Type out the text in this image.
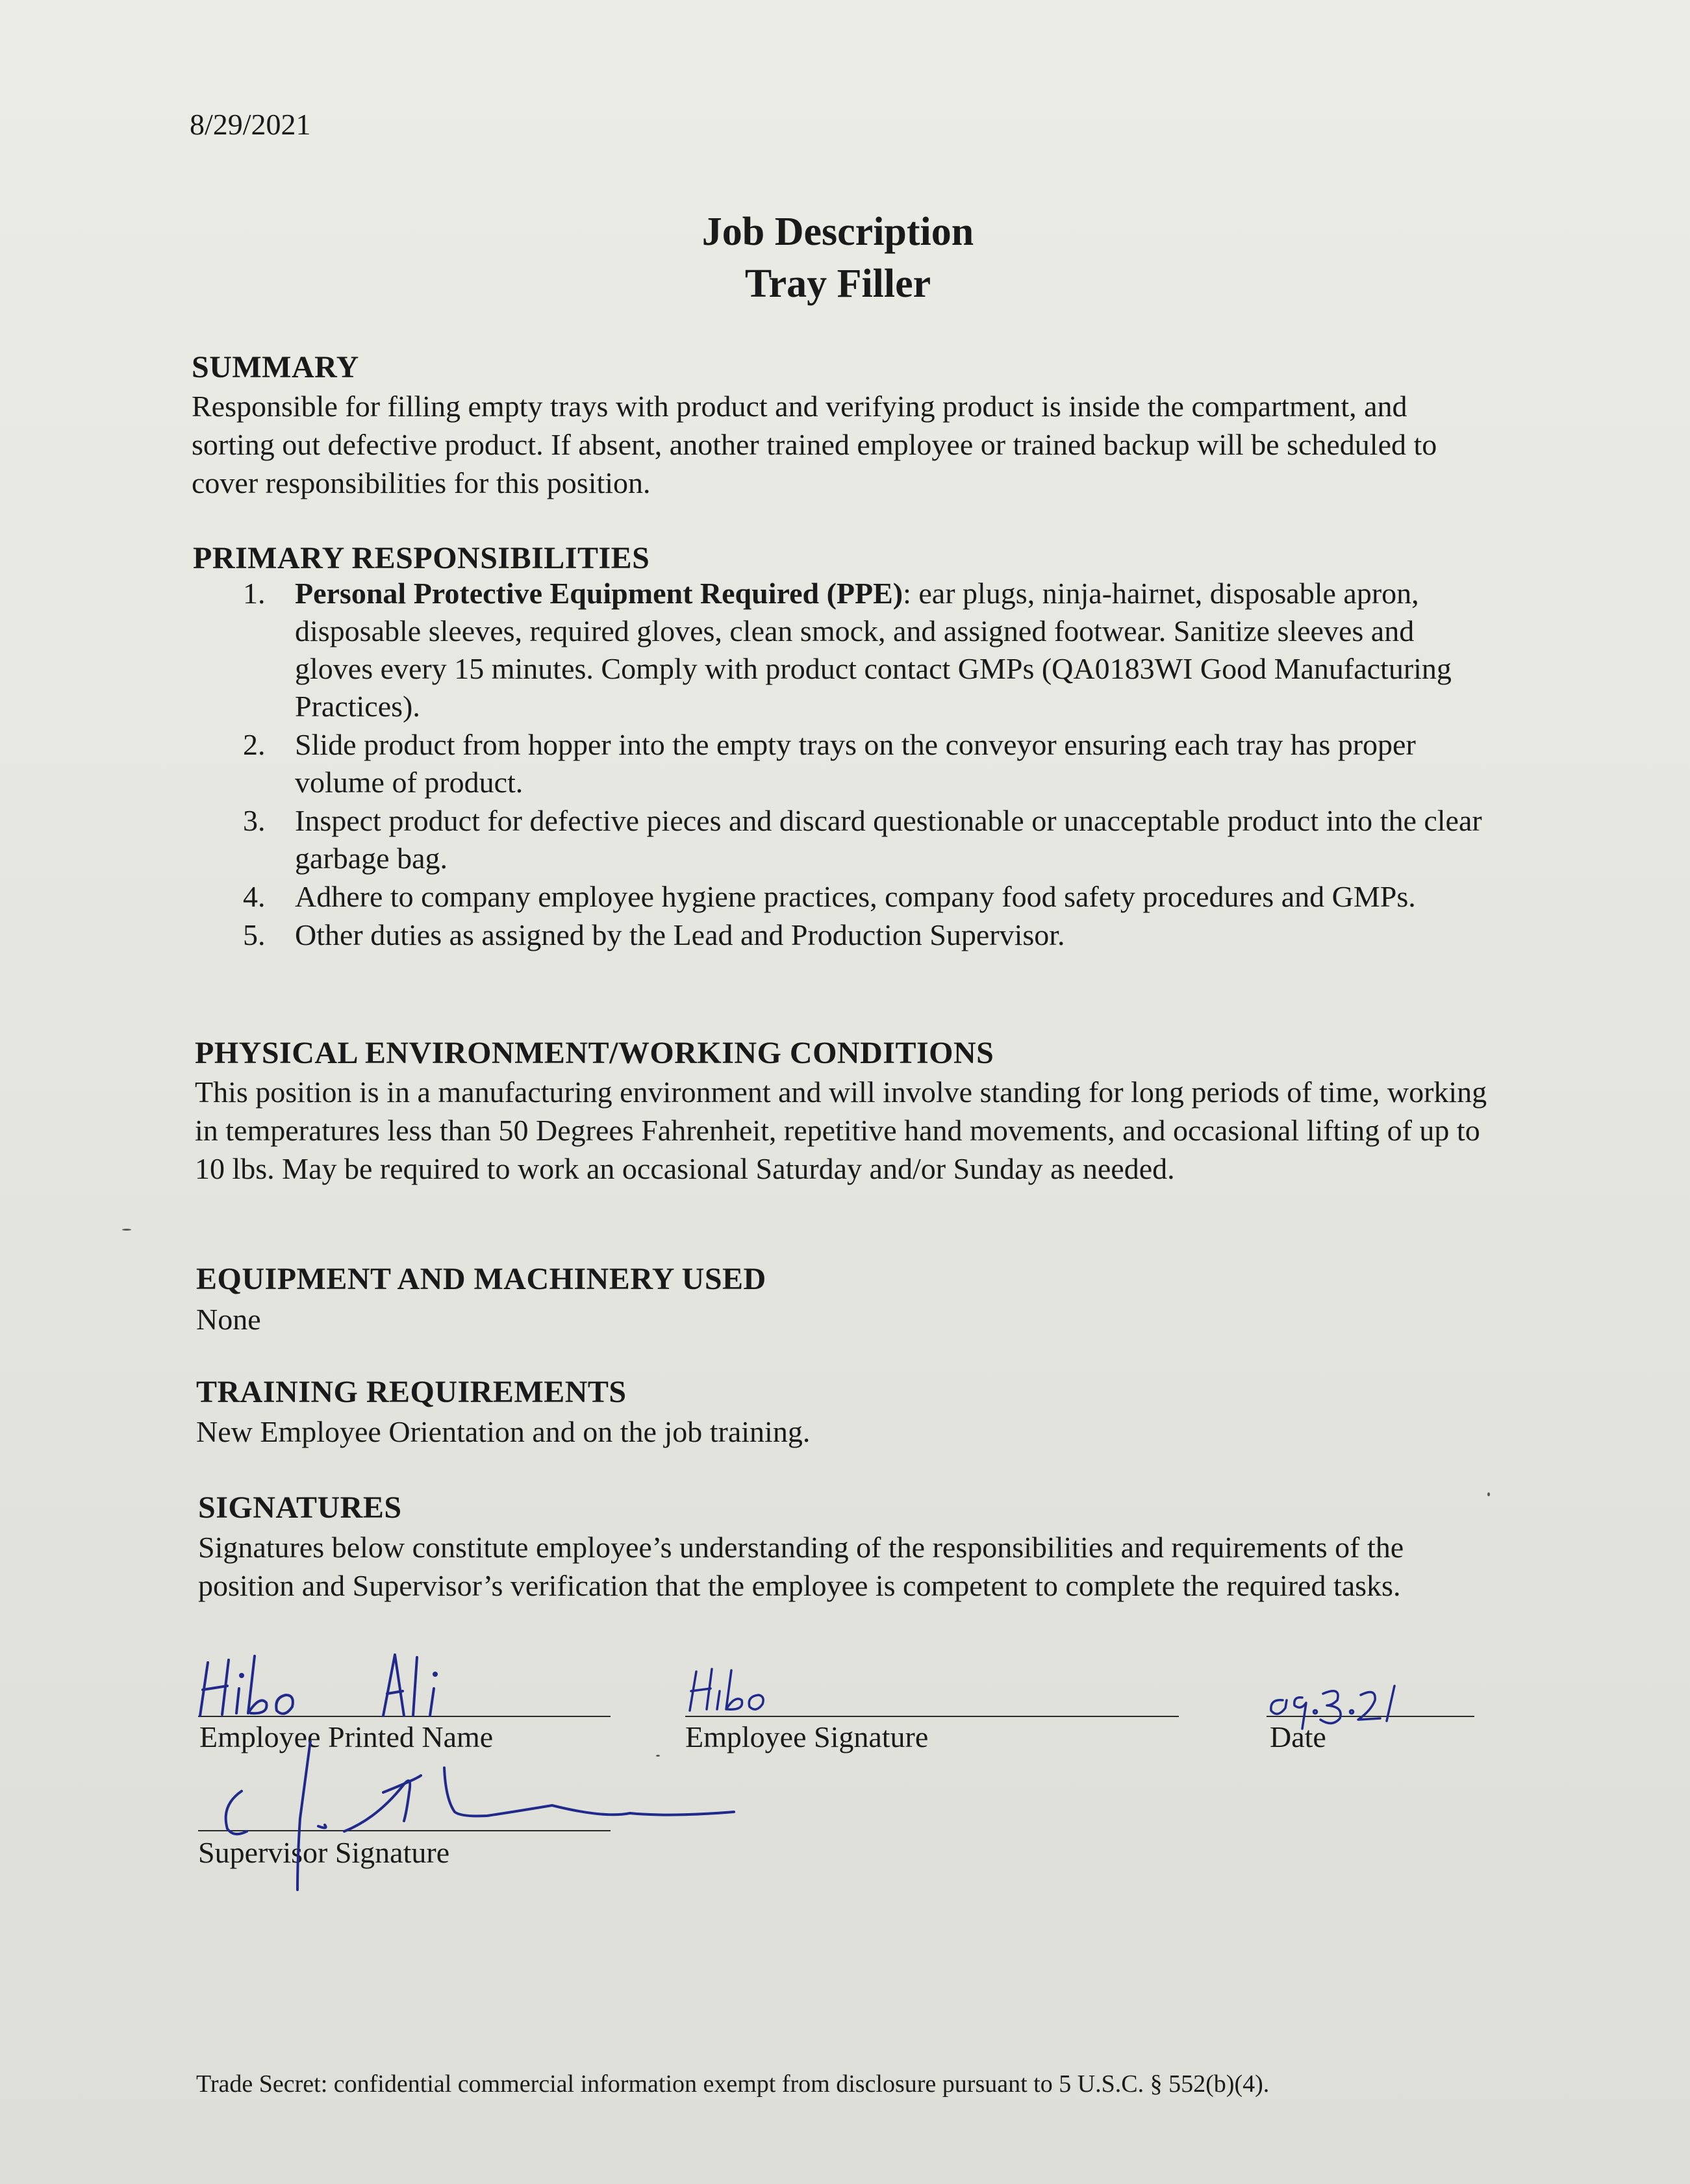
8/29/2021
Job Description
Tray Filler
SUMMARY
Responsible for filling empty trays with product and verifying product is inside the compartment, and sorting out defective product. If absent, another trained employee or trained backup will be scheduled to cover responsibilities for this position.
PRIMARY RESPONSIBILITIES
1. Personal Protective Equipment Required (PPE): ear plugs, ninja-hairnet, disposable apron, disposable sleeves, required gloves, clean smock, and assigned footwear. Sanitize sleeves and gloves every 15 minutes. Comply with product contact GMPs (QA0183WI Good Manufacturing Practices).
2. Slide product from hopper into the empty trays on the conveyor ensuring each tray has proper volume of product.
3. Inspect product for defective pieces and discard questionable or unacceptable product into the clear garbage bag.
4. Adhere to company employee hygiene practices, company food safety procedures and GMPs.
5. Other duties as assigned by the Lead and Production Supervisor.
PHYSICAL ENVIRONMENT/WORKING CONDITIONS
This position is in a manufacturing environment and will involve standing for long periods of time, working in temperatures less than 50 Degrees Fahrenheit, repetitive hand movements, and occasional lifting of up to 10 lbs. May be required to work an occasional Saturday and/or Sunday as needed.
EQUIPMENT AND MACHINERY USED
None
TRAINING REQUIREMENTS
New Employee Orientation and on the job training.
SIGNATURES
Signatures below constitute employee’s understanding of the responsibilities and requirements of the position and Supervisor’s verification that the employee is competent to complete the required tasks.
Employee Printed Name	Employee Signature	Date
Supervisor Signature
Trade Secret: confidential commercial information exempt from disclosure pursuant to 5 U.S.C. § 552(b)(4).
